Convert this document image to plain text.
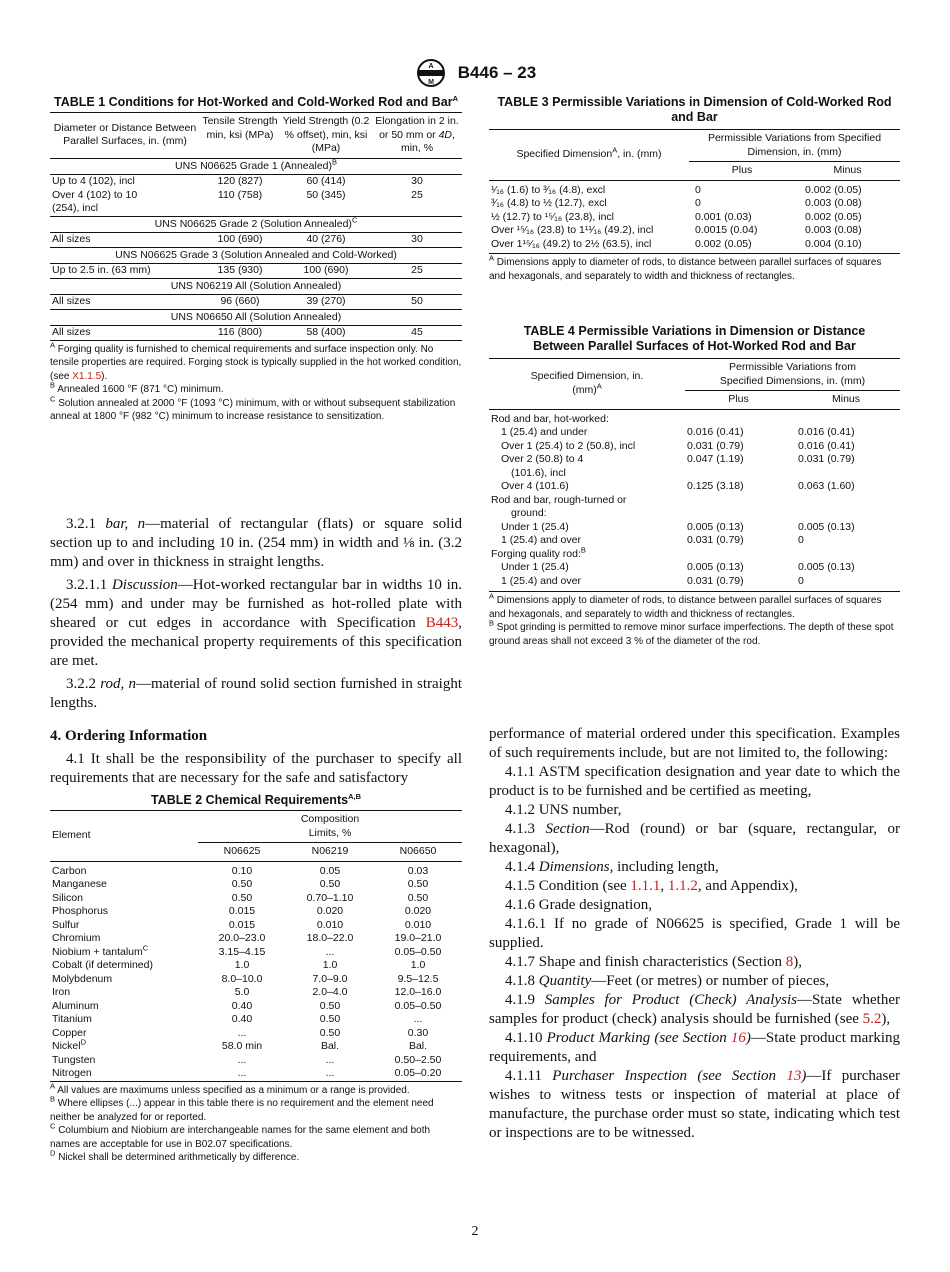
A
M
B446 – 23
TABLE 1 Conditions for Hot-Worked and Cold-Worked Rod and Bar$^A$
Diameter or Distance Between Parallel Surfaces, in. (mm)	Tensile Strength min, ksi (MPa)	Yield Strength (0.2 % offset), min, ksi (MPa)	Elongation in 2 in. or 50 mm or 4D, min, %
UNS N06625 Grade 1 (Annealed)$^B$
Up to 4 (102), incl	120 (827)	60 (414)	30
Over 4 (102) to 10 (254), incl	110 (758)	50 (345)	25
UNS N06625 Grade 2 (Solution Annealed)$^C$
All sizes	100 (690)	40 (276)	30
UNS N06625 Grade 3 (Solution Annealed and Cold-Worked)			
Up to 2.5 in. (63 mm)	135 (930)	100 (690)	25
UNS N06219 All (Solution Annealed)			
All sizes	96 (660)	39 (270)	50
UNS N06650 All (Solution Annealed)			
All sizes	116 (800)	58 (400)	45

$^A$ Forging quality is furnished to chemical requirements and surface inspection only. No tensile properties are required. Forging stock is typically supplied in the hot worked condition, (see X1.1.5).

$^B$ Annealed 1600 °F (871 °C) minimum.

$^C$ Solution annealed at 2000 °F (1093 °C) minimum, with or without subsequent stabilization anneal at 1800 °F (982 °C) minimum to increase resistance to sensitization.

3.2.1 bar, n—material of rectangular (flats) or square solid section up to and including 10 in. (254 mm) in width and ⅛ in. (3.2 mm) and over in thickness in straight lengths.

3.2.1.1 Discussion—Hot-worked rectangular bar in widths 10 in. (254 mm) and under may be furnished as hot-rolled plate with sheared or cut edges in accordance with Specification B443, provided the mechanical property requirements of this specification are met.

3.2.2 rod, n—material of round solid section furnished in straight lengths.

4. Ordering Information

4.1 It shall be the responsibility of the purchaser to specify all requirements that are necessary for the safe and satisfactory

TABLE 2 Chemical Requirements$^{A,B}$
Element	Composition Limits, %		

	N06625	N06219	N06650
Carbon	0.10	0.05	0.03
Manganese	0.50	0.50	0.50
Silicon	0.50	0.70–1.10	0.50
Phosphorus	0.015	0.020	0.020
Sulfur	0.015	0.010	0.010
Chromium	20.0–23.0	18.0–22.0	19.0–21.0
Niobium + tantalum$^C$	3.15–4.15	...	0.05–0.50
Cobalt (if determined)	1.0	1.0	1.0
Molybdenum	8.0–10.0	7.0–9.0	9.5–12.5
Iron	5.0	2.0–4.0	12.0–16.0
Aluminum	0.40	0.50	0.05–0.50
Titanium	0.40	0.50	...
Copper	...	0.50	0.30
Nickel$^D$	58.0 min	Bal.	Bal.
Tungsten	...	...	0.50–2.50
Nitrogen	...	...	0.05–0.20

$^A$ All values are maximums unless specified as a minimum or a range is provided.

$^B$ Where ellipses (...) appear in this table there is no requirement and the element need neither be analyzed for or reported.

$^C$ Columbium and Niobium are interchangeable names for the same element and both names are acceptable for use in B02.07 specifications.

$^D$ Nickel shall be determined arithmetically by difference.

TABLE 3 Permissible Variations in Dimension of Cold-Worked Rod and Bar
Specified Dimension$^A$, in. (mm)	Permissible Variations from Specified Dimension, in. (mm)	
	Plus	Minus
¹⁄₁₆ (1.6) to ³⁄₁₆ (4.8), excl	0	0.002 (0.05)
³⁄₁₆ (4.8) to ½ (12.7), excl	0	0.003 (0.08)
½ (12.7) to ¹⁵⁄₁₆ (23.8), incl	0.001 (0.03)	0.002 (0.05)
Over ¹⁵⁄₁₆ (23.8) to 1¹¹⁄₁₆ (49.2), incl	0.0015 (0.04)	0.003 (0.08)
Over 1¹⁵⁄₁₆ (49.2) to 2½ (63.5), incl	0.002 (0.05)	0.004 (0.10)

$^A$ Dimensions apply to diameter of rods, to distance between parallel surfaces of squares and hexagonals, and separately to width and thickness of rectangles.

TABLE 4 Permissible Variations in Dimension or Distance Between Parallel Surfaces of Hot-Worked Rod and Bar
Specified Dimension, in. (mm)$^A$	Permissible Variations from Specified Dimensions, in. (mm)	

	Plus	Minus
Rod and bar, hot-worked:		
1 (25.4) and under	0.016 (0.41)	0.016 (0.41)
Over 1 (25.4) to 2 (50.8), incl	0.031 (0.79)	0.016 (0.41)
Over 2 (50.8) to 4	0.047 (1.19)	0.031 (0.79)
(101.6), incl		
Over 4 (101.6)	0.125 (3.18)	0.063 (1.60)
Rod and bar, rough-turned or		
ground:		
Under 1 (25.4)	0.005 (0.13)	0.005 (0.13)
1 (25.4) and over	0.031 (0.79)	0
Forging quality rod:$^B$
Under 1 (25.4)	0.005 (0.13)	0.005 (0.13)
1 (25.4) and over	0.031 (0.79)	0

$^A$ Dimensions apply to diameter of rods, to distance between parallel surfaces of squares and hexagonals, and separately to width and thickness of rectangles.

$^B$ Spot grinding is permitted to remove minor surface imperfections. The depth of these spot ground areas shall not exceed 3 % of the diameter of the rod.

performance of material ordered under this specification. Examples of such requirements include, but are not limited to, the following:

4.1.1 ASTM specification designation and year date to which the product is to be furnished and be certified as meeting,

4.1.2 UNS number,

4.1.3 Section—Rod (round) or bar (square, rectangular, or hexagonal),

4.1.4 Dimensions, including length,

4.1.5 Condition (see 1.1.1, 1.1.2, and Appendix),

4.1.6 Grade designation,

4.1.6.1 If no grade of N06625 is specified, Grade 1 will be supplied.

4.1.7 Shape and finish characteristics (Section 8),

4.1.8 Quantity—Feet (or metres) or number of pieces,

4.1.9 Samples for Product (Check) Analysis—State whether samples for product (check) analysis should be furnished (see 5.2),

4.1.10 Product Marking (see Section 16)—State product marking requirements, and

4.1.11 Purchaser Inspection (see Section 13)—If purchaser wishes to witness tests or inspection of material at place of manufacture, the purchase order must so state, indicating which test or inspections are to be witnessed.

2
